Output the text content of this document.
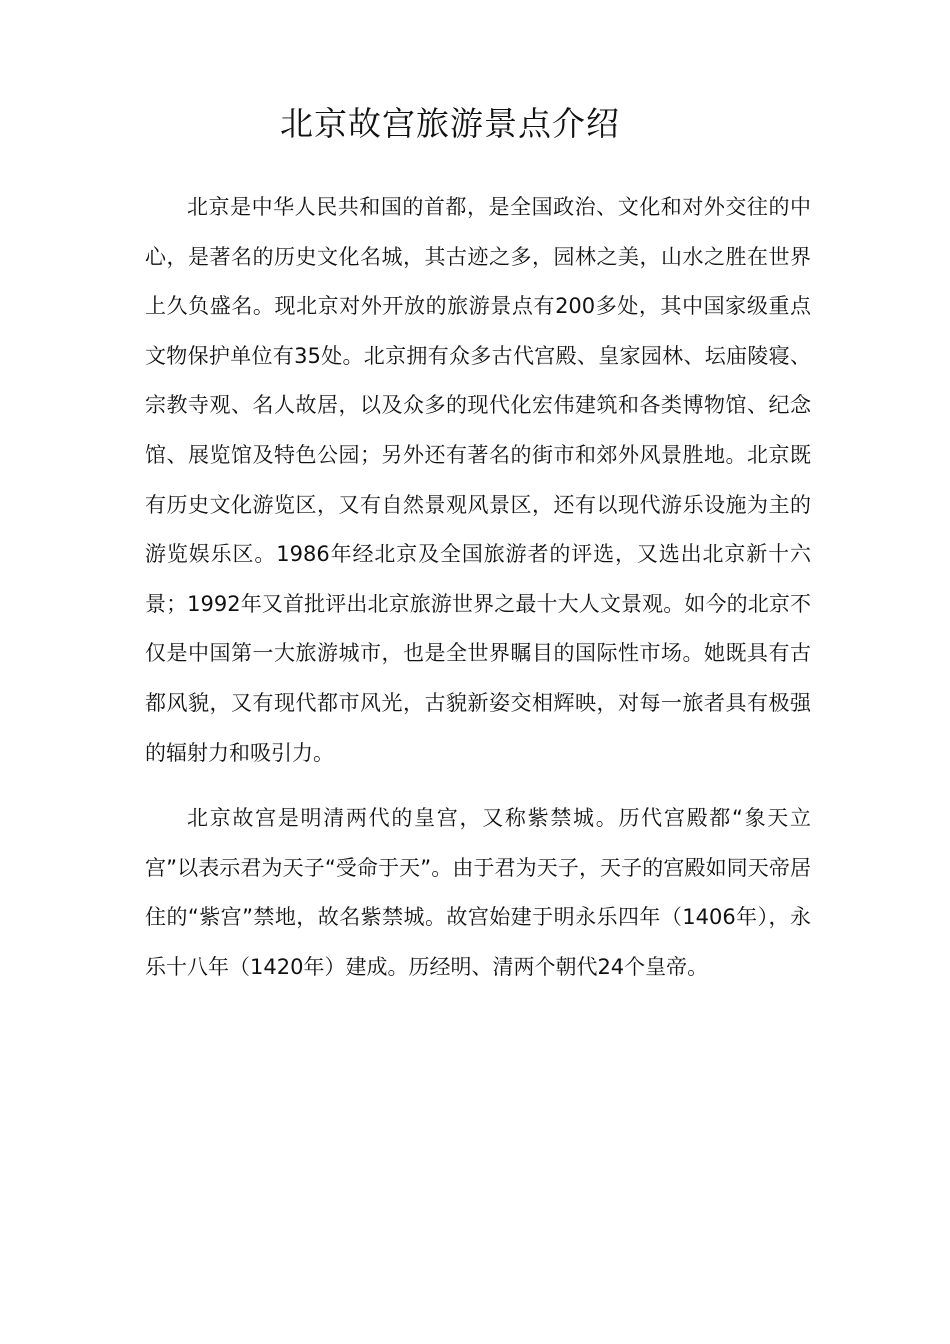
北京故宫旅游景点介绍

北京是中华人民共和国的首都，是全国政治、文化和对外交往的中心，是著名的历史文化名城，其古迹之多，园林之美，山水之胜在世界上久负盛名。现北京对外开放的旅游景点有200多处，其中国家级重点文物保护单位有35处。北京拥有众多古代宫殿、皇家园林、坛庙陵寝、宗教寺观、名人故居，以及众多的现代化宏伟建筑和各类博物馆、纪念馆、展览馆及特色公园；另外还有著名的街市和郊外风景胜地。北京既有历史文化游览区，又有自然景观风景区，还有以现代游乐设施为主的游览娱乐区。1986年经北京及全国旅游者的评选，又选出北京新十六景；1992年又首批评出北京旅游世界之最十大人文景观。如今的北京不仅是中国第一大旅游城市，也是全世界瞩目的国际性市场。她既具有古都风貌，又有现代都市风光，古貌新姿交相辉映，对每一旅者具有极强的辐射力和吸引力。

北京故宫是明清两代的皇宫，又称紫禁城。历代宫殿都“象天立宫”以表示君为天子“受命于天”。由于君为天子，天子的宫殿如同天帝居住的“紫宫”禁地，故名紫禁城。故宫始建于明永乐四年（1406年），永乐十八年（1420年）建成。历经明、清两个朝代24个皇帝。
